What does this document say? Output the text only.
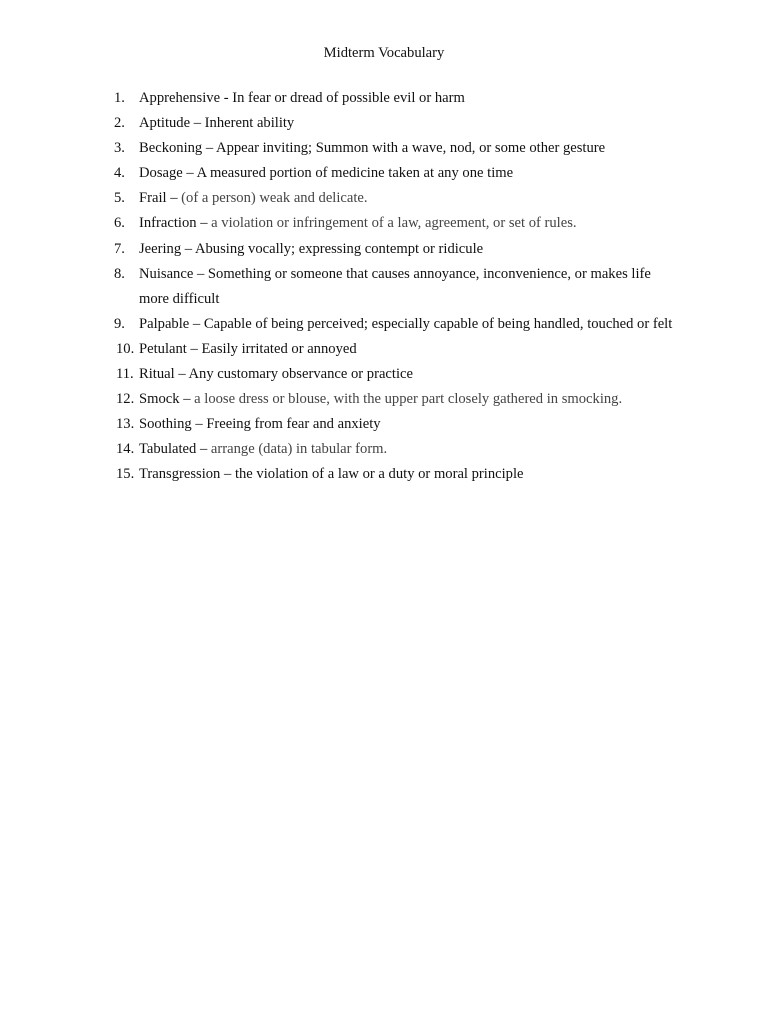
Midterm Vocabulary
1. Apprehensive - In fear or dread of possible evil or harm
2. Aptitude – Inherent ability
3. Beckoning – Appear inviting; Summon with a wave, nod, or some other gesture
4. Dosage – A measured portion of medicine taken at any one time
5. Frail – (of a person) weak and delicate.
6. Infraction – a violation or infringement of a law, agreement, or set of rules.
7. Jeering – Abusing vocally; expressing contempt or ridicule
8. Nuisance – Something or someone that causes annoyance, inconvenience, or makes life more difficult
9. Palpable – Capable of being perceived; especially capable of being handled, touched or felt
10. Petulant – Easily irritated or annoyed
11. Ritual – Any customary observance or practice
12. Smock – a loose dress or blouse, with the upper part closely gathered in smocking.
13. Soothing – Freeing from fear and anxiety
14. Tabulated – arrange (data) in tabular form.
15. Transgression – the violation of a law or a duty or moral principle
